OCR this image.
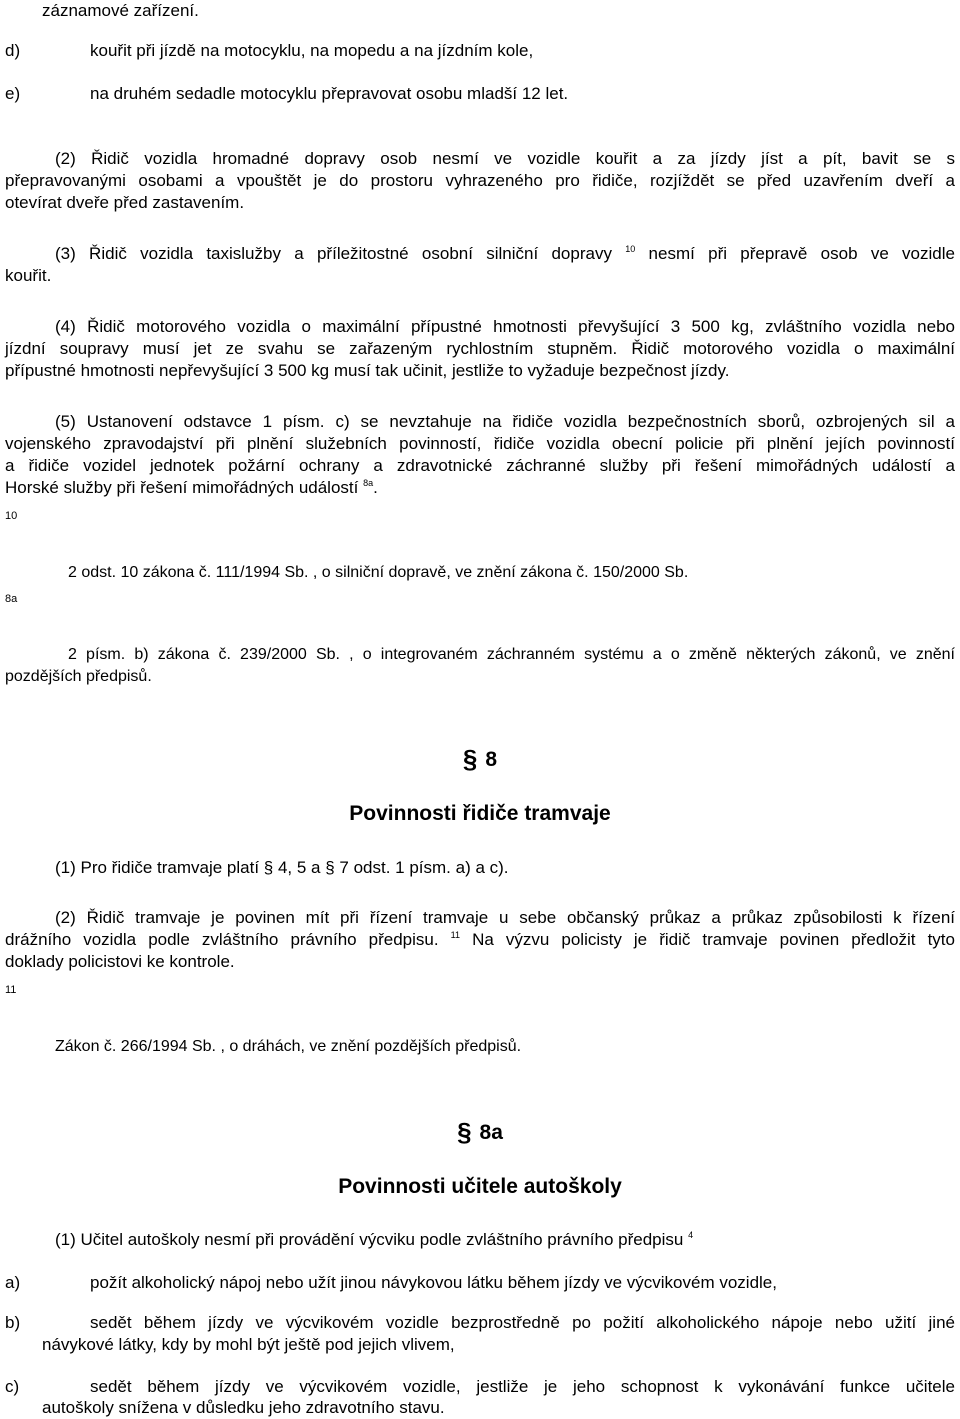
záznamové zařízení.
d)	kouřit při jízdě na motocyklu, na mopedu a na jízdním kole,
e)	na druhém sedadle motocyklu přepravovat osobu mladší 12 let.
(2) Řidič vozidla hromadné dopravy osob nesmí ve vozidle kouřit a za jízdy jíst a pít, bavit se s
přepravovanými osobami a vpouštět je do prostoru vyhrazeného pro řidiče, rozjíždět se před uzavřením dveří a
otevírat dveře před zastavením.
(3) Řidič vozidla taxislužby a příležitostné osobní silniční dopravy $^{10}$ nesmí při přepravě osob ve vozidle
kouřit.
(4) Řidič motorového vozidla o maximální přípustné hmotnosti převyšující 3 500 kg, zvláštního vozidla nebo
jízdní soupravy musí jet ze svahu se zařazeným rychlostním stupněm. Řidič motorového vozidla o maximální
přípustné hmotnosti nepřevyšující 3 500 kg musí tak učinit, jestliže to vyžaduje bezpečnost jízdy.
(5) Ustanovení odstavce 1 písm. c) se nevztahuje na řidiče vozidla bezpečnostních sborů, ozbrojených sil a
vojenského zpravodajství při plnění služebních povinností, řidiče vozidla obecní policie při plnění jejích povinností
a řidiče vozidel jednotek požární ochrany a zdravotnické záchranné služby při řešení mimořádných událostí a
Horské služby při řešení mimořádných událostí $^{8a}$.
10
2 odst. 10 zákona č. 111/1994 Sb. , o silniční dopravě, ve znění zákona č. 150/2000 Sb.
8a
2 písm. b) zákona č. 239/2000 Sb. , o integrovaném záchranném systému a o změně některých zákonů, ve znění
pozdějších předpisů.
§ 8
Povinnosti řidiče tramvaje
(1) Pro řidiče tramvaje platí § 4, 5 a § 7 odst. 1 písm. a) a c).
(2) Řidič tramvaje je povinen mít při řízení tramvaje u sebe občanský průkaz a průkaz způsobilosti k řízení
drážního vozidla podle zvláštního právního předpisu. $^{11}$ Na výzvu policisty je řidič tramvaje povinen předložit tyto
doklady policistovi ke kontrole.
11
Zákon č. 266/1994 Sb. , o dráhách, ve znění pozdějších předpisů.
§ 8a
Povinnosti učitele autoškoly
(1) Učitel autoškoly nesmí při provádění výcviku podle zvláštního právního předpisu $^4$
a)	požít alkoholický nápoj nebo užít jinou návykovou látku během jízdy ve výcvikovém vozidle,
b)	sedět během jízdy ve výcvikovém vozidle bezprostředně po požití alkoholického nápoje nebo užití jiné
návykové látky, kdy by mohl být ještě pod jejich vlivem,
c)	sedět během jízdy ve výcvikovém vozidle, jestliže je jeho schopnost k vykonávání funkce učitele
autoškoly snížena v důsledku jeho zdravotního stavu.
